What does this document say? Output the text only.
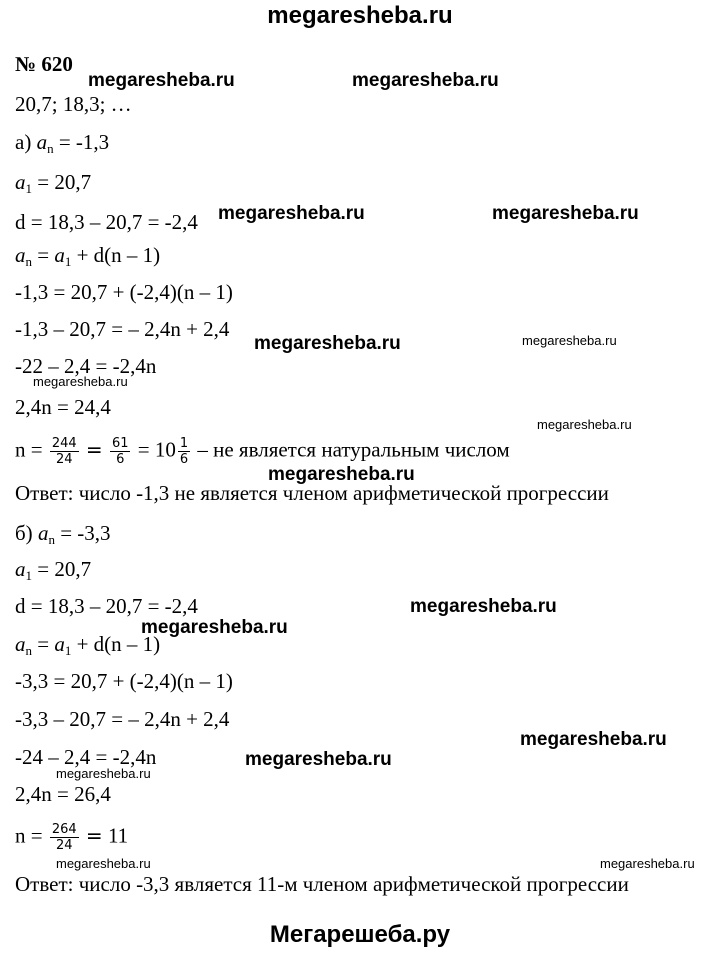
megaresheba.ru
№ 620
20,7; 18,3; …
а) $a_n = -1,3$
$a_1 = 20,7$
d = 18,3 – 20,7 = -2,4
$a_n = a_1 + d(n - 1)$
-1,3 = 20,7 + (-2,4)(n – 1)
-1,3 – 20,7 = – 2,4n + 2,4
-22 – 2,4 = -2,4n
2,4n = 24,4
$n = \frac{244}{24} = \frac{61}{6} = 10 \frac{1}{6}$ – не является натуральным числом
Ответ: число -1,3 не является членом арифметической прогрессии
б) $a_n = -3,3$
$a_1 = 20,7$
d = 18,3 – 20,7 = -2,4
$a_n = a_1 + d(n - 1)$
-3,3 = 20,7 + (-2,4)(n – 1)
-3,3 – 20,7 = – 2,4n + 2,4
-24 – 2,4 = -2,4n
2,4n = 26,4
$n = \frac{264}{24} = 11$
Ответ: число -3,3 является 11-м членом арифметической прогрессии
megaresheba.ru	megaresheba.ru
megaresheba.ru	megaresheba.ru
megaresheba.ru	megaresheba.ru
megaresheba.ru
megaresheba.ru
megaresheba.ru
megaresheba.ru
megaresheba.ru
megaresheba.ru
megaresheba.ru
megaresheba.ru
megaresheba.ru	megaresheba.ru
Мегарешеба.ру
